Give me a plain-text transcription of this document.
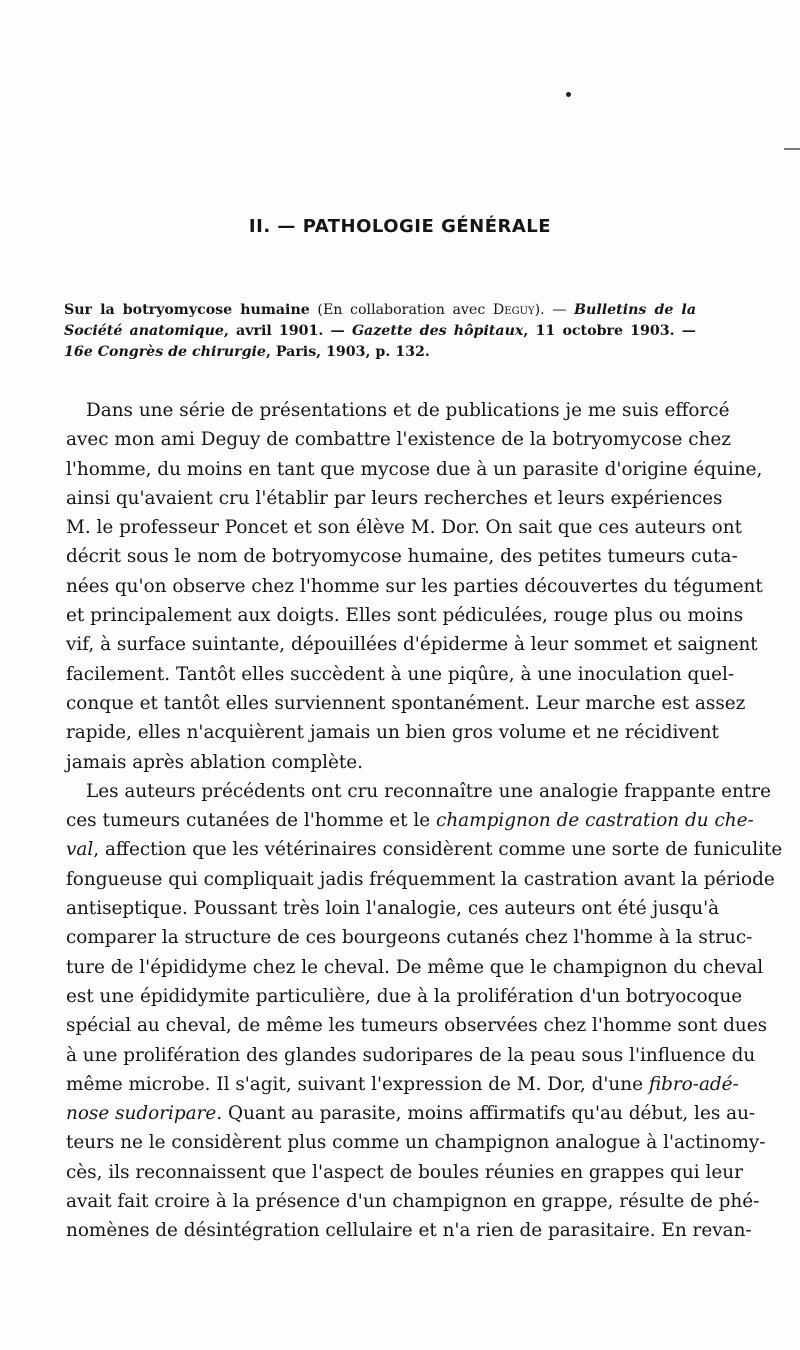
II. — PATHOLOGIE GÉNÉRALE
Sur la botryomycose humaine (En collaboration avec Deguy). — Bulletins de la Société anatomique, avril 1901. — Gazette des hôpitaux, 11 octobre 1903. — 16e Congrès de chirurgie, Paris, 1903, p. 132.
Dans une série de présentations et de publications je me suis efforcé
avec mon ami Deguy de combattre l'existence de la botryomycose chez
l'homme, du moins en tant que mycose due à un parasite d'origine équine,
ainsi qu'avaient cru l'établir par leurs recherches et leurs expériences
M. le professeur Poncet et son élève M. Dor. On sait que ces auteurs ont
décrit sous le nom de botryomycose humaine, des petites tumeurs cuta-
nées qu'on observe chez l'homme sur les parties découvertes du tégument
et principalement aux doigts. Elles sont pédiculées, rouge plus ou moins
vif, à surface suintante, dépouillées d'épiderme à leur sommet et saignent
facilement. Tantôt elles succèdent à une piqûre, à une inoculation quel-
conque et tantôt elles surviennent spontanément. Leur marche est assez
rapide, elles n'acquièrent jamais un bien gros volume et ne récidivent
jamais après ablation complète.
Les auteurs précédents ont cru reconnaître une analogie frappante entre
ces tumeurs cutanées de l'homme et le champignon de castration du che-
val, affection que les vétérinaires considèrent comme une sorte de funiculite
fongueuse qui compliquait jadis fréquemment la castration avant la période
antiseptique. Poussant très loin l'analogie, ces auteurs ont été jusqu'à
comparer la structure de ces bourgeons cutanés chez l'homme à la struc-
ture de l'épididyme chez le cheval. De même que le champignon du cheval
est une épididymite particulière, due à la prolifération d'un botryocoque
spécial au cheval, de même les tumeurs observées chez l'homme sont dues
à une prolifération des glandes sudoripares de la peau sous l'influence du
même microbe. Il s'agit, suivant l'expression de M. Dor, d'une fibro-adé-
nose sudoripare. Quant au parasite, moins affirmatifs qu'au début, les au-
teurs ne le considèrent plus comme un champignon analogue à l'actinomy-
cès, ils reconnaissent que l'aspect de boules réunies en grappes qui leur
avait fait croire à la présence d'un champignon en grappe, résulte de phé-
nomènes de désintégration cellulaire et n'a rien de parasitaire. En revan-
